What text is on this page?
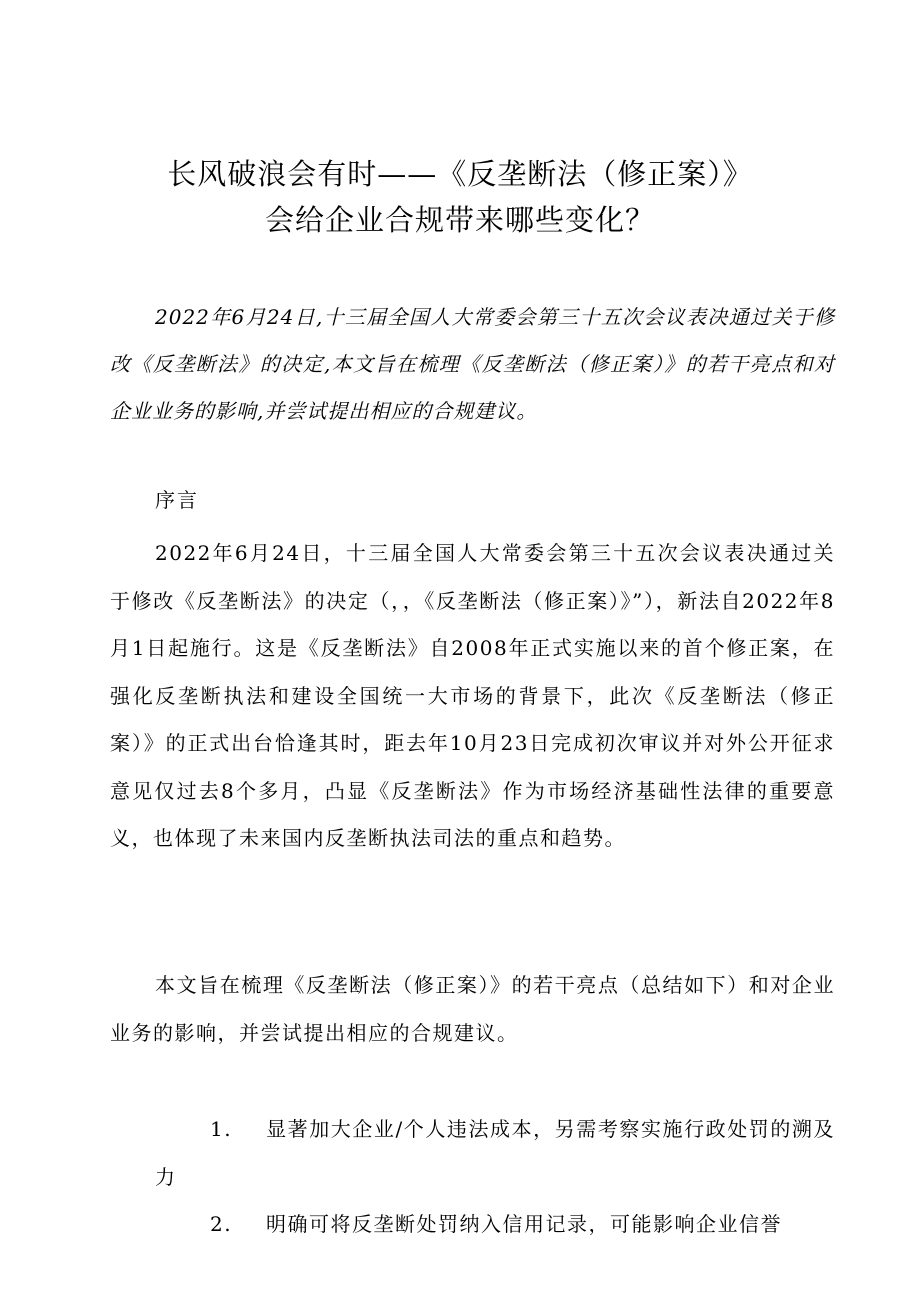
长风破浪会有时——《反垄断法（修正案）》
会给企业合规带来哪些变化？

2022年6月24日,十三届全国人大常委会第三十五次会议表决通过关于修改《反垄断法》的决定,本文旨在梳理《反垄断法（修正案）》的若干亮点和对企业业务的影响,并尝试提出相应的合规建议。

序言

2022年6月24日，十三届全国人大常委会第三十五次会议表决通过关于修改《反垄断法》的决定（，，《反垄断法（修正案）》”），新法自2022年8月1日起施行。这是《反垄断法》自2008年正式实施以来的首个修正案，在强化反垄断执法和建设全国统一大市场的背景下，此次《反垄断法（修正案）》的正式出台恰逢其时，距去年10月23日完成初次审议并对外公开征求意见仅过去8个多月，凸显《反垄断法》作为市场经济基础性法律的重要意义，也体现了未来国内反垄断执法司法的重点和趋势。

本文旨在梳理《反垄断法（修正案）》的若干亮点（总结如下）和对企业业务的影响，并尝试提出相应的合规建议。

1. 显著加大企业/个人违法成本，另需考察实施行政处罚的溯及力
2. 明确可将反垄断处罚纳入信用记录，可能影响企业信誉
